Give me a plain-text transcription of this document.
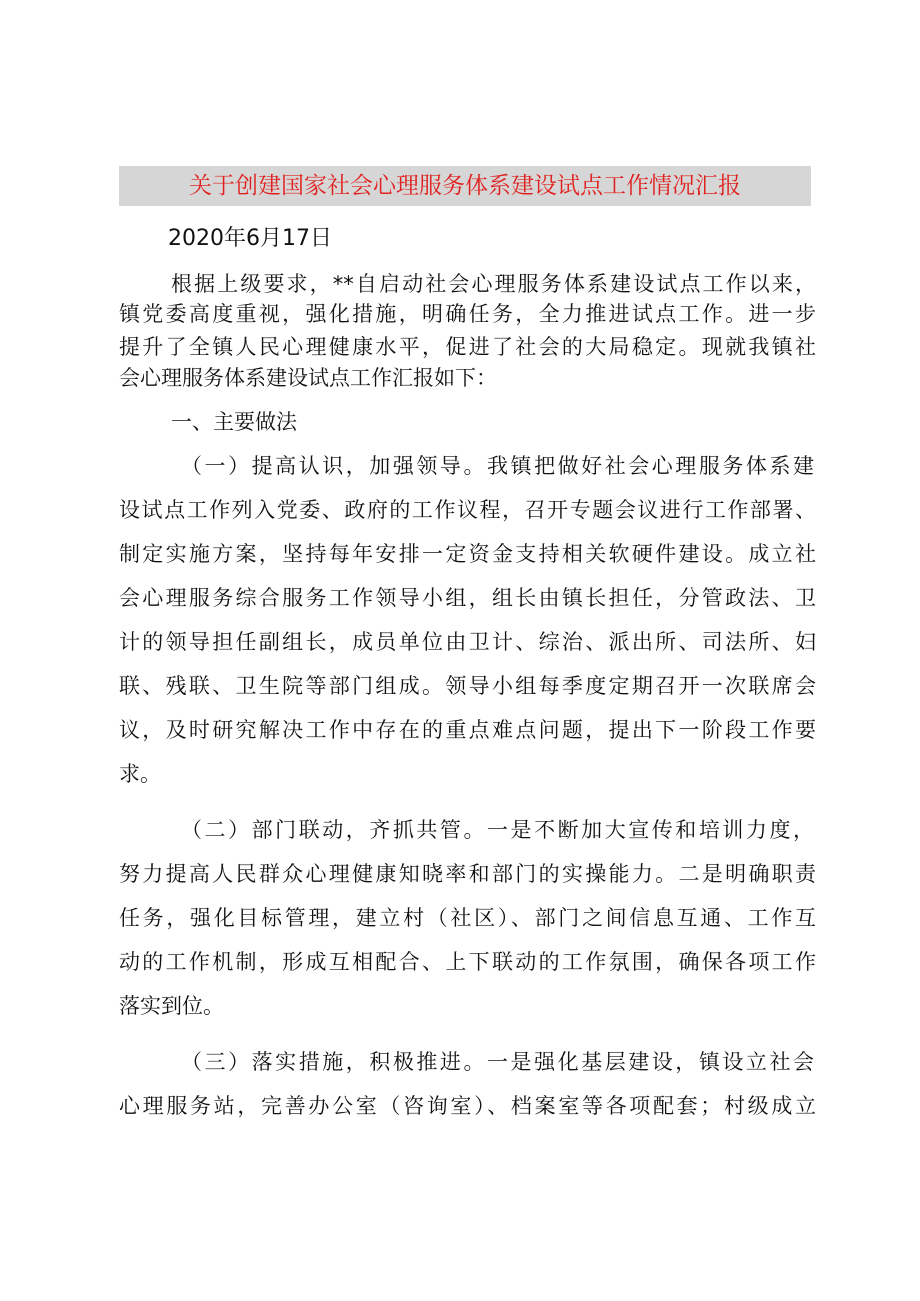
关于创建国家社会心理服务体系建设试点工作情况汇报
2020年6月17日
根据上级要求，**自启动社会心理服务体系建设试点工作以来，
镇党委高度重视，强化措施，明确任务，全力推进试点工作。进一步
提升了全镇人民心理健康水平，促进了社会的大局稳定。现就我镇社
会心理服务体系建设试点工作汇报如下：
一、主要做法
（一）提高认识，加强领导。我镇把做好社会心理服务体系建
设试点工作列入党委、政府的工作议程，召开专题会议进行工作部署、
制定实施方案，坚持每年安排一定资金支持相关软硬件建设。成立社
会心理服务综合服务工作领导小组，组长由镇长担任，分管政法、卫
计的领导担任副组长，成员单位由卫计、综治、派出所、司法所、妇
联、残联、卫生院等部门组成。领导小组每季度定期召开一次联席会
议，及时研究解决工作中存在的重点难点问题，提出下一阶段工作要
求。
（二）部门联动，齐抓共管。一是不断加大宣传和培训力度，
努力提高人民群众心理健康知晓率和部门的实操能力。二是明确职责
任务，强化目标管理，建立村（社区）、部门之间信息互通、工作互
动的工作机制，形成互相配合、上下联动的工作氛围，确保各项工作
落实到位。
（三）落实措施，积极推进。一是强化基层建设，镇设立社会
心理服务站，完善办公室（咨询室）、档案室等各项配套；村级成立
